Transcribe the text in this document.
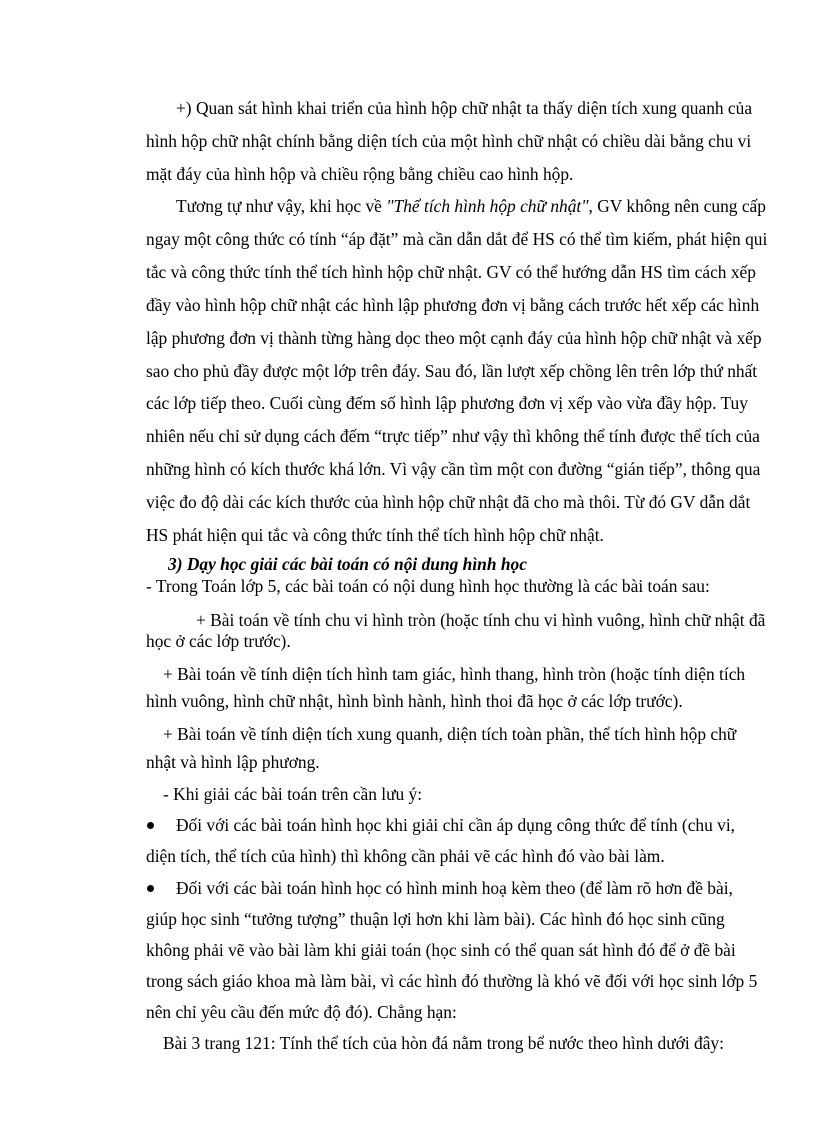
+) Quan sát hình khai triển của hình hộp chữ nhật ta thấy diện tích xung quanh của

hình hộp chữ nhật chính bằng diện tích của một hình chữ nhật có chiều dài bằng chu vi

mặt đáy của hình hộp và chiều rộng bằng chiều cao hình hộp.

Tương tự như vậy, khi học về "Thể tích hình hộp chữ nhật", GV không nên cung cấp

ngay một công thức có tính “áp đặt” mà cần dẫn dắt để HS có thể tìm kiếm, phát hiện qui

tắc và công thức tính thể tích hình hộp chữ nhật. GV có thể hướng dẫn HS tìm cách xếp

đầy vào hình hộp chữ nhật các hình lập phương đơn vị bằng cách trước hết xếp các hình

lập phương đơn vị thành từng hàng dọc theo một cạnh đáy của hình hộp chữ nhật và xếp

sao cho phủ đầy được một lớp trên đáy. Sau đó, lần lượt xếp chồng lên trên lớp thứ nhất

các lớp tiếp theo. Cuối cùng đếm số hình lập phương đơn vị xếp vào vừa đầy hộp. Tuy

nhiên nếu chỉ sử dụng cách đếm “trực tiếp” như vậy thì không thể tính được thể tích của

những hình có kích thước khá lớn. Vì vậy cần tìm một con đường “gián tiếp”, thông qua

việc đo độ dài các kích thước của hình hộp chữ nhật đã cho mà thôi. Từ đó GV dẫn dắt

HS phát hiện qui tắc và công thức tính thể tích hình hộp chữ nhật.

3) Dạy học giải các bài toán có nội dung hình học

- Trong Toán lớp 5, các bài toán có nội dung hình học thường là các bài toán sau:

+ Bài toán về tính chu vi hình tròn (hoặc tính chu vi hình vuông, hình chữ nhật đã

học ở các lớp trước).

+ Bài toán về tính diện tích hình tam giác, hình thang, hình tròn (hoặc tính diện tích

hình vuông, hình chữ nhật, hình bình hành, hình thoi đã học ở các lớp trước).

+ Bài toán về tính diện tích xung quanh, diện tích toàn phần, thể tích hình hộp chữ

nhật và hình lập phương.

- Khi giải các bài toán trên cần lưu ý:

Đối với các bài toán hình học khi giải chỉ cần áp dụng công thức để tính (chu vi,

diện tích, thể tích của hình) thì không cần phải vẽ các hình đó vào bài làm.

Đối với các bài toán hình học có hình minh hoạ kèm theo (để làm rõ hơn đề bài,

giúp học sinh “tưởng tượng” thuận lợi hơn khi làm bài). Các hình đó học sinh cũng

không phải vẽ vào bài làm khi giải toán (học sinh có thể quan sát hình đó để ở đề bài

trong sách giáo khoa mà làm bài, vì các hình đó thường là khó vẽ đối với học sinh lớp 5

nên chỉ yêu cầu đến mức độ đó). Chẳng hạn:

Bài 3 trang 121: Tính thể tích của hòn đá nằm trong bể nước theo hình dưới đây:
